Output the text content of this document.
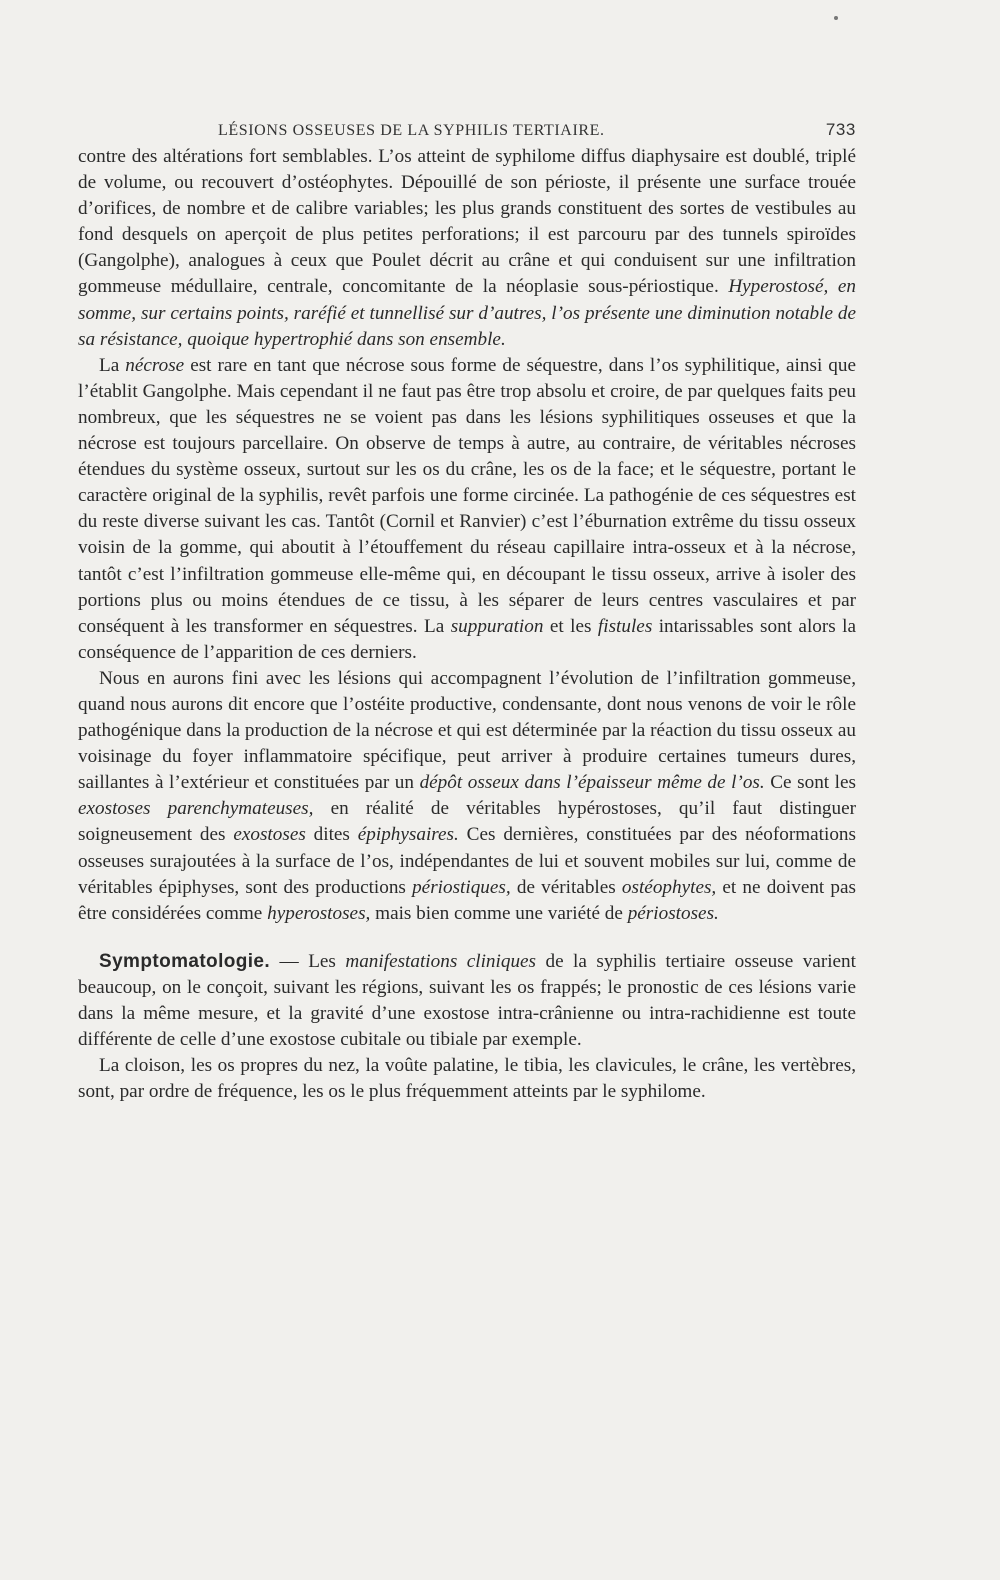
LÉSIONS OSSEUSES DE LA SYPHILIS TERTIAIRE.	733

contre des altérations fort semblables. L’os atteint de syphilome diffus diaphysaire est doublé, triplé de volume, ou recouvert d’ostéophytes. Dépouillé de son périoste, il présente une surface trouée d’orifices, de nombre et de calibre variables; les plus grands constituent des sortes de vestibules au fond desquels on aperçoit de plus petites perforations; il est parcouru par des tunnels spiroïdes (Gangolphe), analogues à ceux que Poulet décrit au crâne et qui conduisent sur une infiltration gommeuse médullaire, centrale, concomitante de la néoplasie sous-périostique. Hyperostosé, en somme, sur certains points, raréfié et tunnellisé sur d’autres, l’os présente une diminution notable de sa résistance, quoique hypertrophié dans son ensemble.

La nécrose est rare en tant que nécrose sous forme de séquestre, dans l’os syphilitique, ainsi que l’établit Gangolphe. Mais cependant il ne faut pas être trop absolu et croire, de par quelques faits peu nombreux, que les séquestres ne se voient pas dans les lésions syphilitiques osseuses et que la nécrose est toujours parcellaire. On observe de temps à autre, au contraire, de véritables nécroses étendues du système osseux, surtout sur les os du crâne, les os de la face; et le séquestre, portant le caractère original de la syphilis, revêt parfois une forme circinée. La pathogénie de ces séquestres est du reste diverse suivant les cas. Tantôt (Cornil et Ranvier) c’est l’éburnation extrême du tissu osseux voisin de la gomme, qui aboutit à l’étouffement du réseau capillaire intra-osseux et à la nécrose, tantôt c’est l’infiltration gommeuse elle-même qui, en découpant le tissu osseux, arrive à isoler des portions plus ou moins étendues de ce tissu, à les séparer de leurs centres vasculaires et par conséquent à les transformer en séquestres. La suppuration et les fistules intarissables sont alors la conséquence de l’apparition de ces derniers.

Nous en aurons fini avec les lésions qui accompagnent l’évolution de l’infiltration gommeuse, quand nous aurons dit encore que l’ostéite productive, condensante, dont nous venons de voir le rôle pathogénique dans la production de la nécrose et qui est déterminée par la réaction du tissu osseux au voisinage du foyer inflammatoire spécifique, peut arriver à produire certaines tumeurs dures, saillantes à l’extérieur et constituées par un dépôt osseux dans l’épaisseur même de l’os. Ce sont les exostoses parenchymateuses, en réalité de véritables hypérostoses, qu’il faut distinguer soigneusement des exostoses dites épiphysaires. Ces dernières, constituées par des néoformations osseuses surajoutées à la surface de l’os, indépendantes de lui et souvent mobiles sur lui, comme de véritables épiphyses, sont des productions périostiques, de véritables ostéophytes, et ne doivent pas être considérées comme hyperostoses, mais bien comme une variété de périostoses.

Symptomatologie. — Les manifestations cliniques de la syphilis tertiaire osseuse varient beaucoup, on le conçoit, suivant les régions, suivant les os frappés; le pronostic de ces lésions varie dans la même mesure, et la gravité d’une exostose intra-crânienne ou intra-rachidienne est toute différente de celle d’une exostose cubitale ou tibiale par exemple.

La cloison, les os propres du nez, la voûte palatine, le tibia, les clavicules, le crâne, les vertèbres, sont, par ordre de fréquence, les os le plus fréquemment atteints par le syphilome.
